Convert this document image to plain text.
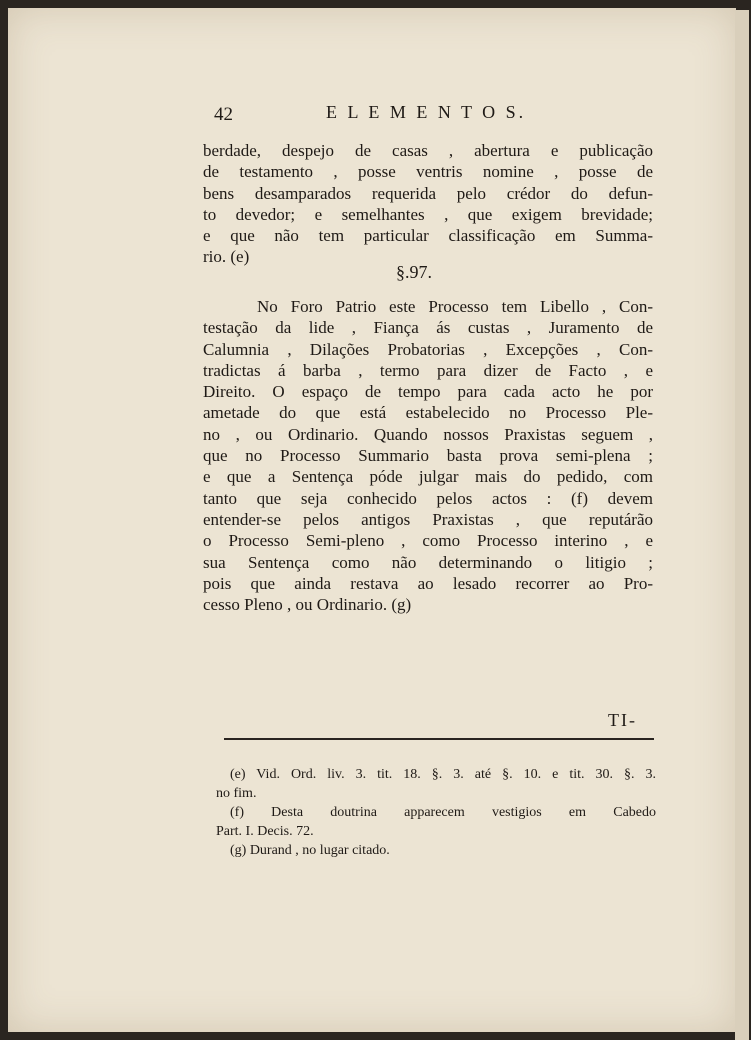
42	E L E M E N T O S.
berdade, despejo de casas , abertura e publicação
de testamento , posse ventris nomine , posse de
bens desamparados requerida pelo crédor do defun-
to devedor; e semelhantes , que exigem brevidade;
e que não tem particular classificação em Summa-
rio. (e)
§.97.
No Foro Patrio este Processo tem Libello , Con-
testação da lide , Fiança ás custas , Juramento de
Calumnia , Dilações Probatorias , Excepções , Con-
tradictas á barba , termo para dizer de Facto , e
Direito. O espaço de tempo para cada acto he por
ametade do que está estabelecido no Processo Ple-
no , ou Ordinario. Quando nossos Praxistas seguem ,
que no Processo Summario basta prova semi-plena ;
e que a Sentença póde julgar mais do pedido, com
tanto que seja conhecido pelos actos : (f) devem
entender-se pelos antigos Praxistas , que reputárão
o Processo Semi-pleno , como Processo interino , e
sua Sentença como não determinando o litigio ;
pois que ainda restava ao lesado recorrer ao Pro-
cesso Pleno , ou Ordinario. (g)
TI-
(e) Vid. Ord. liv. 3. tit. 18. §. 3. até §. 10. e tit. 30. §. 3.
no fim.
(f) Desta doutrina apparecem vestigios em Cabedo
Part. I. Decis. 72.
(g) Durand , no lugar citado.
